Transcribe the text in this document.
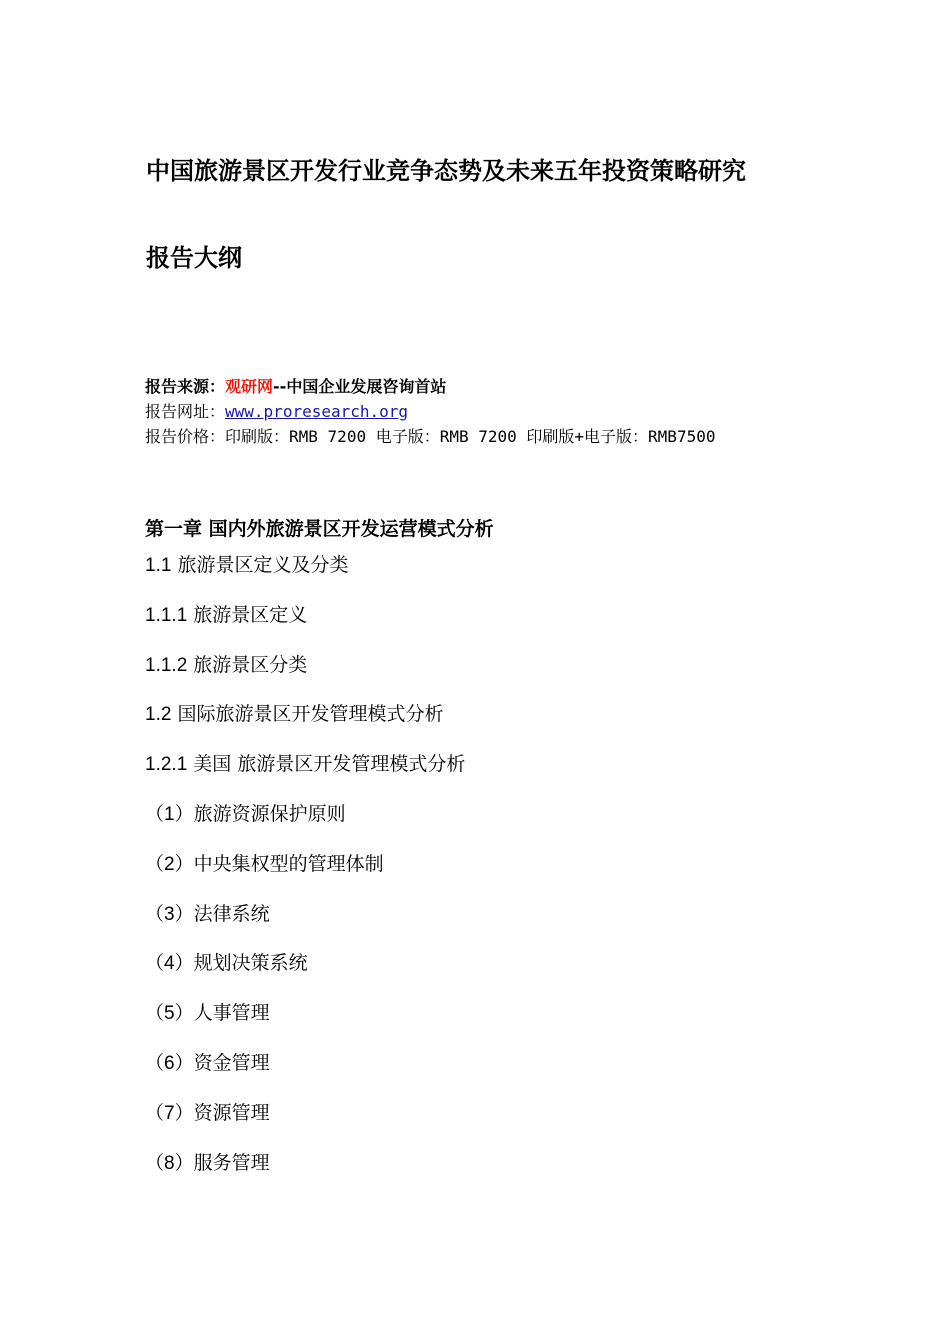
中国旅游景区开发行业竞争态势及未来五年投资策略研究
报告大纲
报告来源：观研网--中国企业发展咨询首站
报告网址：www.proresearch.org
报告价格：印刷版：RMB 7200 电子版：RMB 7200 印刷版+电子版：RMB7500
第一章 国内外旅游景区开发运营模式分析
1.1 旅游景区定义及分类
1.1.1 旅游景区定义
1.1.2 旅游景区分类
1.2 国际旅游景区开发管理模式分析
1.2.1 美国 旅游景区开发管理模式分析
（1）旅游资源保护原则
（2）中央集权型的管理体制
（3）法律系统
（4）规划决策系统
（5）人事管理
（6）资金管理
（7）资源管理
（8）服务管理
